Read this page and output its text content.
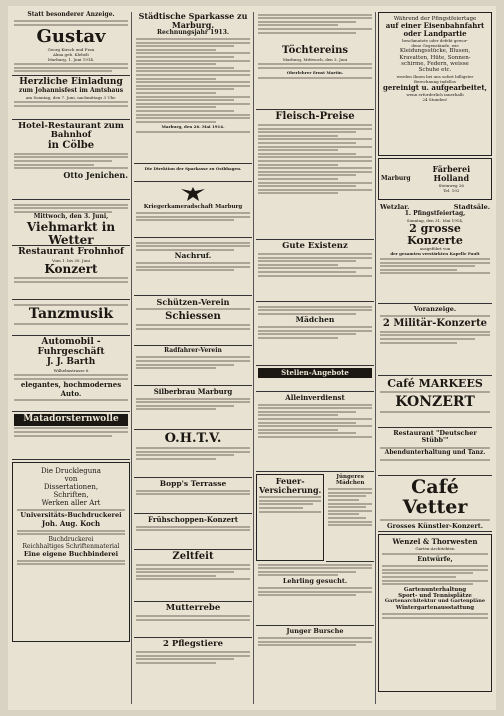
Statt besonderer Anzeige.
Gustav
Georg Kirsch und Frau
Alma geb. Klebelt
Marburg, 1. Juni 1914.
Herzliche Einladung
zum Johannisfest im Amtshaus
am Sonntag, den 7. Juni, nachmittags 3 Uhr.
Hotel-Restaurant zum Bahnhof
in Cölbe
Otto Jenichen.
Mittwoch, den 3. Juni,
Viehmarkt in Wetter
Restaurant Frohnhof
Vom 1. bis 30. Juni
Konzert
Tanzmusik
Automobil - Fuhrgeschäft
J. J. Barth
Wilhelmstrasse 6
elegantes, hochmodernes Auto.
Matadorsternwolle
Die Druckleguna
von
Dissertationen,
Schriften,
Werken aller Art
Universitäts-Buchdruckerei
Joh. Aug. Koch
Buchdruckerei
Reichhaltiges Schriftenmaterial
Eine eigene Buchbinderei
Städtische Sparkasse zu Marburg.
Rechnungsjahr 1913.
Marburg, den 26. Mai 1914.
Die Direktion der Sparkasse zu Ostbhagen.
Kriegerkameradschaft Marburg
Nachruf.
Schützen-Verein
Schiessen
Radfahrer-Verein
Silberbrau Marburg
O.H.T.V.
Bopp's Terrasse
Frühschoppen-Konzert
Zeltfeit
Mutterrebe
2 Pflegstiere
Töchtereins
Marburg, Mittwoch, den 3. Juni
Oberlehrer Ernst Martin.
Fleisch-Preise
Gute Existenz
Mädchen
Stellen-Angebote
Alleinverdienst
Feuer-Versicherung.
Jüngeres Mädchen
Lehrling gesucht.
Junger Bursche
Während der Pfingstfeiertage
auf einer Eisenbahnfahrt
oder Landpartie
beschmutzte oder defekt gewor-
dene Gegenstände, wie
Kleidungsstücke, Blusen,
Kravatten, Hüte, Sonnen-
schirme, Federn, weisse
Schuhe etc.
werden Ihnen bei uns sofort billigster
Berechnung tadellos
gereinigt u. aufgearbeitet,
wenn erforderlich innerhalb
24 Stunden!
Marburg
Färberei Holland
Steinweg 26
Tel. 192
Wetzlar.	Stadtsäle.
1. Pfingstfeiertag,
Sonntag, den 31. Mai 1914,
2 grosse Konzerte
ausgeführt von
der gesamten verstärkten Kapelle Pault
Voranzeige.
2 Militär-Konzerte
Café MARKEES
KONZERT
Restaurant "Deutscher Stübb'"
Abendunterhaltung und Tanz.
Café Vetter
Grosses Künstler-Konzert.
Wenzel & Thorwesten
Garten-Architekten
Entwürfe,
Gartenunterhaltung
Sport- und Tennisplätze
Gartenarchitektur und Gartenpläne
Wintergartenausstattung
